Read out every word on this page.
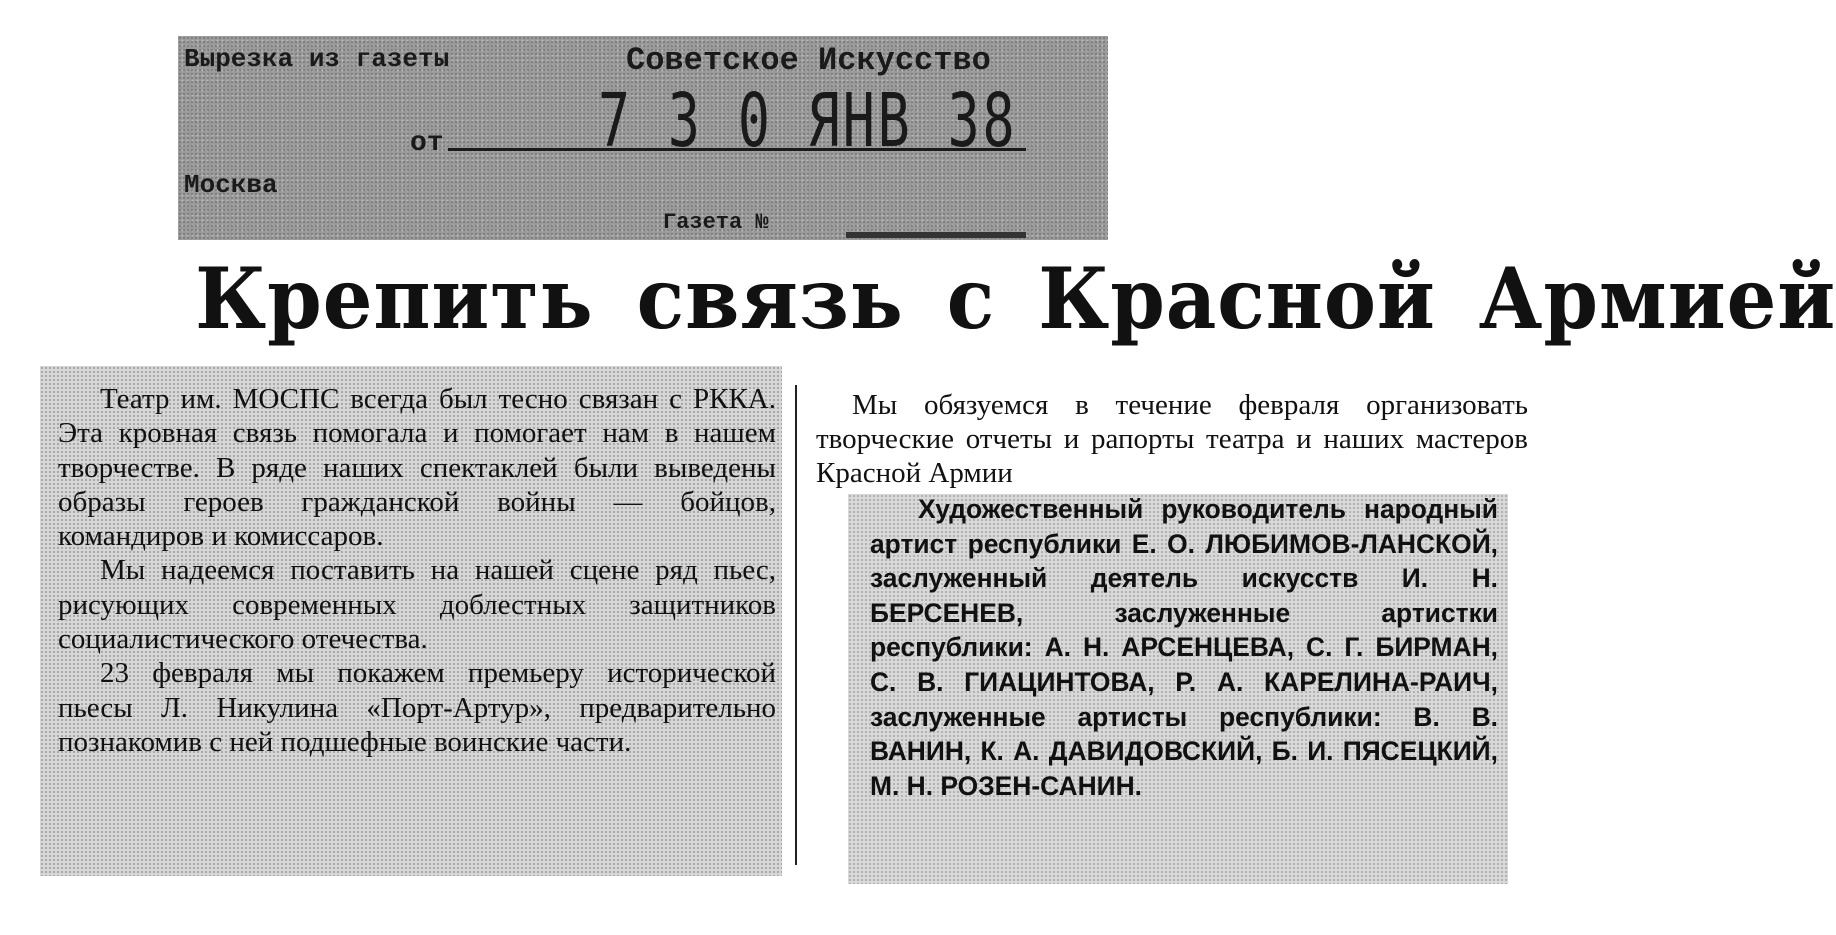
Вырезка из газеты	Советское Искусство
от 7 3 0 ЯНВ 38
Москва
Газета №
Крепить связь с Красной Армией

Театр им. МОСПС всегда был тесно связан с РККА. Эта кровная связь помогала и помогает нам в нашем творчестве. В ряде наших спектаклей были выведены образы героев гражданской войны — бойцов, командиров и комиссаров.

Мы надеемся поставить на нашей сцене ряд пьес, рисующих современных доблестных защитников социалистического отечества.

23 февраля мы покажем премьеру исторической пьесы Л. Никулина «Порт-Артур», предварительно познакомив с ней подшефные воинские части.

Мы обязуемся в течение февраля организовать творческие отчеты и рапорты театра и наших мастеров Красной Армии

Художественный руководитель народный артист республики Е. О. ЛЮБИМОВ-ЛАНСКОЙ, заслуженный деятель искусств И. Н. БЕРСЕНЕВ, заслуженные артистки республики: А. Н. АРСЕНЦЕВА, С. Г. БИРМАН, С. В. ГИАЦИНТОВА, Р. А. КАРЕЛИНА-РАИЧ, заслуженные артисты республики: В. В. ВАНИН, К. А. ДАВИДОВСКИЙ, Б. И. ПЯСЕЦКИЙ, М. Н. РОЗЕН-САНИН.
